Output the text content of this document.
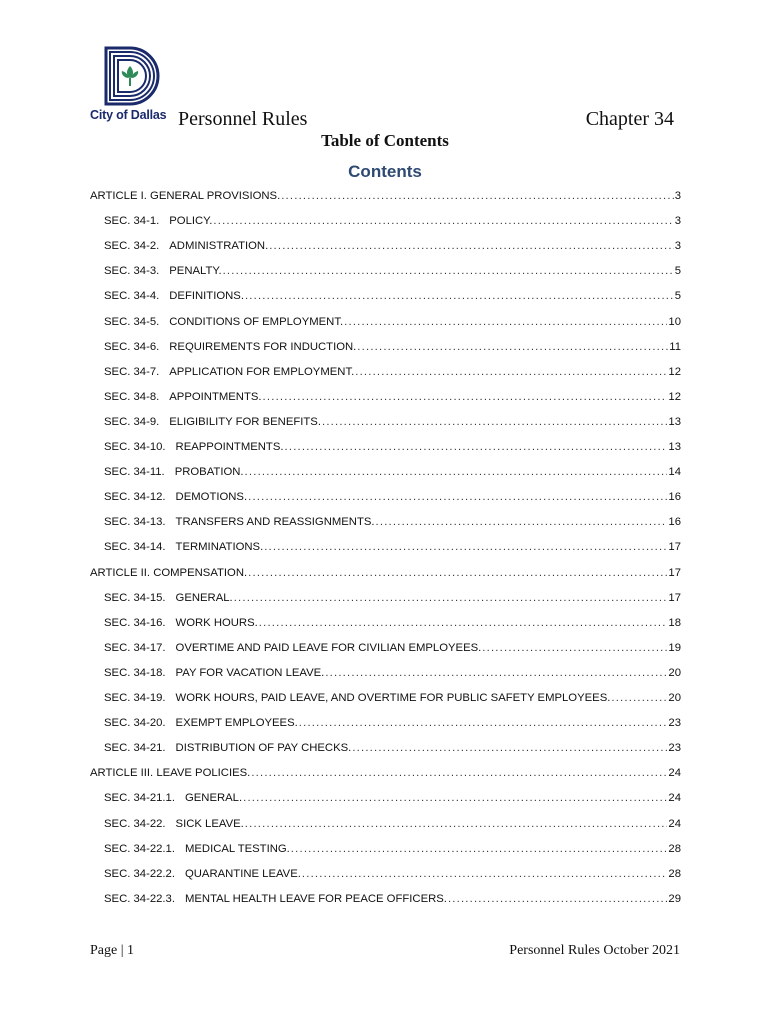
City of Dallas Personnel Rules	Chapter 34
Table of Contents
Contents
ARTICLE I. GENERAL PROVISIONS. .....	3
SEC. 34-1. POLICY. .....	3
SEC. 34-2. ADMINISTRATION. .....	3
SEC. 34-3. PENALTY. .....	5
SEC. 34-4. DEFINITIONS. .....	5
SEC. 34-5. CONDITIONS OF EMPLOYMENT. .....	10
SEC. 34-6. REQUIREMENTS FOR INDUCTION. .....	11
SEC. 34-7. APPLICATION FOR EMPLOYMENT. .....	12
SEC. 34-8. APPOINTMENTS. .....	12
SEC. 34-9. ELIGIBILITY FOR BENEFITS. .....	13
SEC. 34-10. REAPPOINTMENTS. .....	13
SEC. 34-11. PROBATION. .....	14
SEC. 34-12. DEMOTIONS. .....	16
SEC. 34-13. TRANSFERS AND REASSIGNMENTS. .....	16
SEC. 34-14. TERMINATIONS. .....	17
ARTICLE II. COMPENSATION. .....	17
SEC. 34-15. GENERAL. .....	17
SEC. 34-16. WORK HOURS. .....	18
SEC. 34-17. OVERTIME AND PAID LEAVE FOR CIVILIAN EMPLOYEES. .....	19
SEC. 34-18. PAY FOR VACATION LEAVE. .....	20
SEC. 34-19. WORK HOURS, PAID LEAVE, AND OVERTIME FOR PUBLIC SAFETY EMPLOYEES. .....	20
SEC. 34-20. EXEMPT EMPLOYEES. .....	23
SEC. 34-21. DISTRIBUTION OF PAY CHECKS. .....	23
ARTICLE III. LEAVE POLICIES. .....	24
SEC. 34-21.1. GENERAL. .....	24
SEC. 34-22. SICK LEAVE. .....	24
SEC. 34-22.1. MEDICAL TESTING. .....	28
SEC. 34-22.2. QUARANTINE LEAVE. .....	28
SEC. 34-22.3. MENTAL HEALTH LEAVE FOR PEACE OFFICERS. .....	29
Page | 1	Personnel Rules October 2021
